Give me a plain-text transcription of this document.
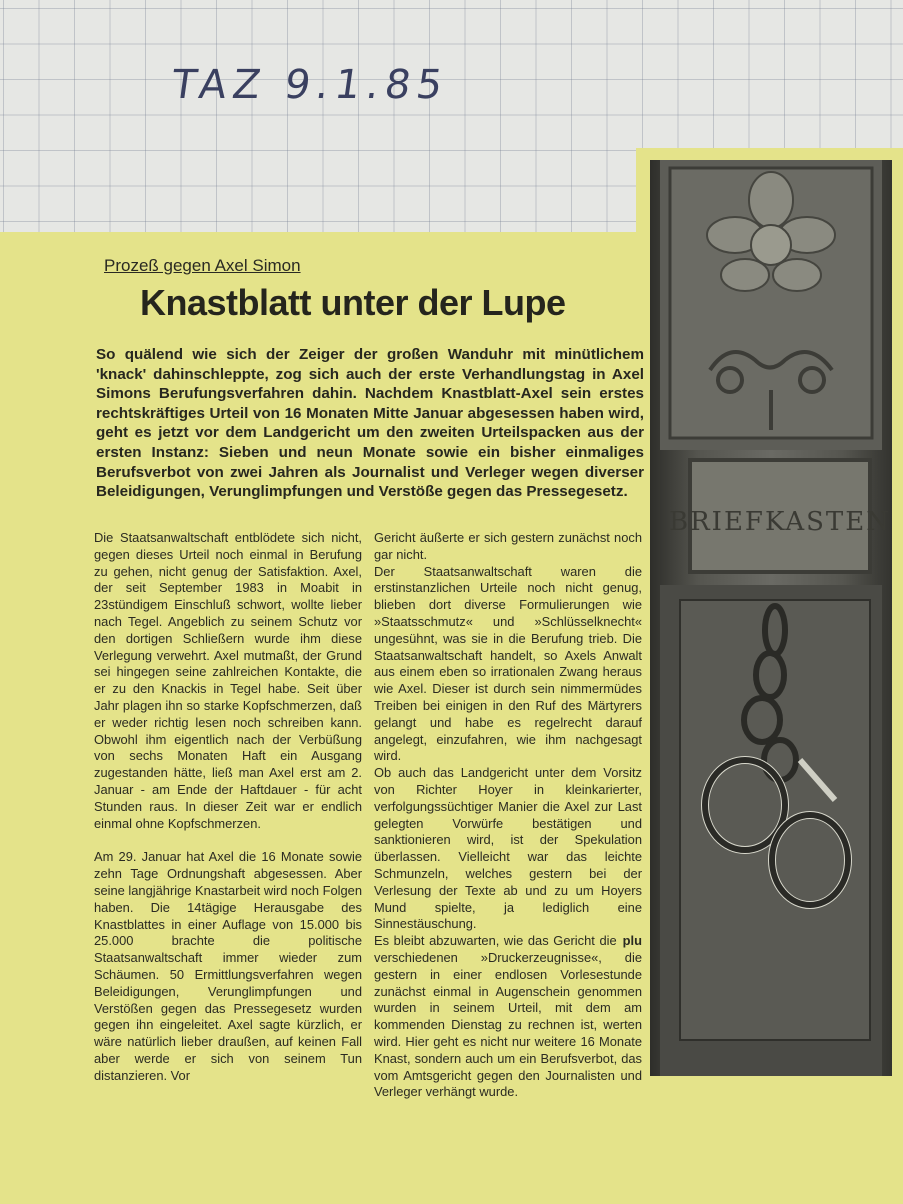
TAZ 9.1.85
Prozeß gegen Axel Simon
Knastblatt unter der Lupe

So quälend wie sich der Zeiger der großen Wanduhr mit minütlichem 'knack' dahinschleppte, zog sich auch der erste Verhandlungstag in Axel Simons Berufungsverfahren dahin. Nachdem Knastblatt-Axel sein erstes rechtskräftiges Urteil von 16 Monaten Mitte Januar abgesessen haben wird, geht es jetzt vor dem Landgericht um den zweiten Urteilspacken aus der ersten Instanz: Sieben und neun Monate sowie ein bisher einmaliges Berufsverbot von zwei Jahren als Journalist und Verleger wegen diverser Beleidigungen, Verunglimpfungen und Verstöße gegen das Pressegesetz.

Die Staatsanwaltschaft entblödete sich nicht, gegen dieses Urteil noch einmal in Berufung zu gehen, nicht genug der Satisfaktion. Axel, der seit September 1983 in Moabit in 23stündigem Einschluß schwort, wollte lieber nach Tegel. Angeblich zu seinem Schutz vor den dortigen Schließern wurde ihm diese Verlegung verwehrt. Axel mutmaßt, der Grund sei hingegen seine zahlreichen Kontakte, die er zu den Knackis in Tegel habe. Seit über Jahr plagen ihn so starke Kopfschmerzen, daß er weder richtig lesen noch schreiben kann. Obwohl ihm eigentlich nach der Verbüßung von sechs Monaten Haft ein Ausgang zugestanden hätte, ließ man Axel erst am 2. Januar - am Ende der Haftdauer - für acht Stunden raus. In dieser Zeit war er endlich einmal ohne Kopfschmerzen.

Am 29. Januar hat Axel die 16 Monate sowie zehn Tage Ordnungshaft abgesessen. Aber seine langjährige Knastarbeit wird noch Folgen haben. Die 14tägige Herausgabe des Knastblattes in einer Auflage von 15.000 bis 25.000 brachte die politische Staatsanwaltschaft immer wieder zum Schäumen. 50 Ermittlungsverfahren wegen Beleidigungen, Verunglimpfungen und Verstößen gegen das Pressegesetz wurden gegen ihn eingeleitet. Axel sagte kürzlich, er wäre natürlich lieber draußen, auf keinen Fall aber werde er sich von seinem Tun distanzieren. Vor

Gericht äußerte er sich gestern zunächst noch gar nicht.

Der Staatsanwaltschaft waren die erstinstanzlichen Urteile noch nicht genug, blieben dort diverse Formulierungen wie »Staatsschmutz« und »Schlüsselknecht« ungesühnt, was sie in die Berufung trieb. Die Staatsanwaltschaft handelt, so Axels Anwalt aus einem eben so irrationalen Zwang heraus wie Axel. Dieser ist durch sein nimmermüdes Treiben bei einigen in den Ruf des Märtyrers gelangt und habe es regelrecht darauf angelegt, einzufahren, wie ihm nachgesagt wird.

Ob auch das Landgericht unter dem Vorsitz von Richter Hoyer in kleinkarierter, verfolgungssüchtiger Manier die Axel zur Last gelegten Vorwürfe bestätigen und sanktionieren wird, ist der Spekulation überlassen. Vielleicht war das leichte Schmunzeln, welches gestern bei der Verlesung der Texte ab und zu um Hoyers Mund spielte, ja lediglich eine Sinnestäuschung.

plu
Es bleibt abzuwarten, wie das Gericht die verschiedenen »Druckerzeugnisse«, die gestern in einer endlosen Vorlesestunde zunächst einmal in Augenschein genommen wurden in seinem Urteil, mit dem am kommenden Dienstag zu rechnen ist, werten wird. Hier geht es nicht nur weitere 16 Monate Knast, sondern auch um ein Berufsverbot, das vom Amtsgericht gegen den Journalisten und Verleger verhängt wurde.

BRIEFKASTEN
